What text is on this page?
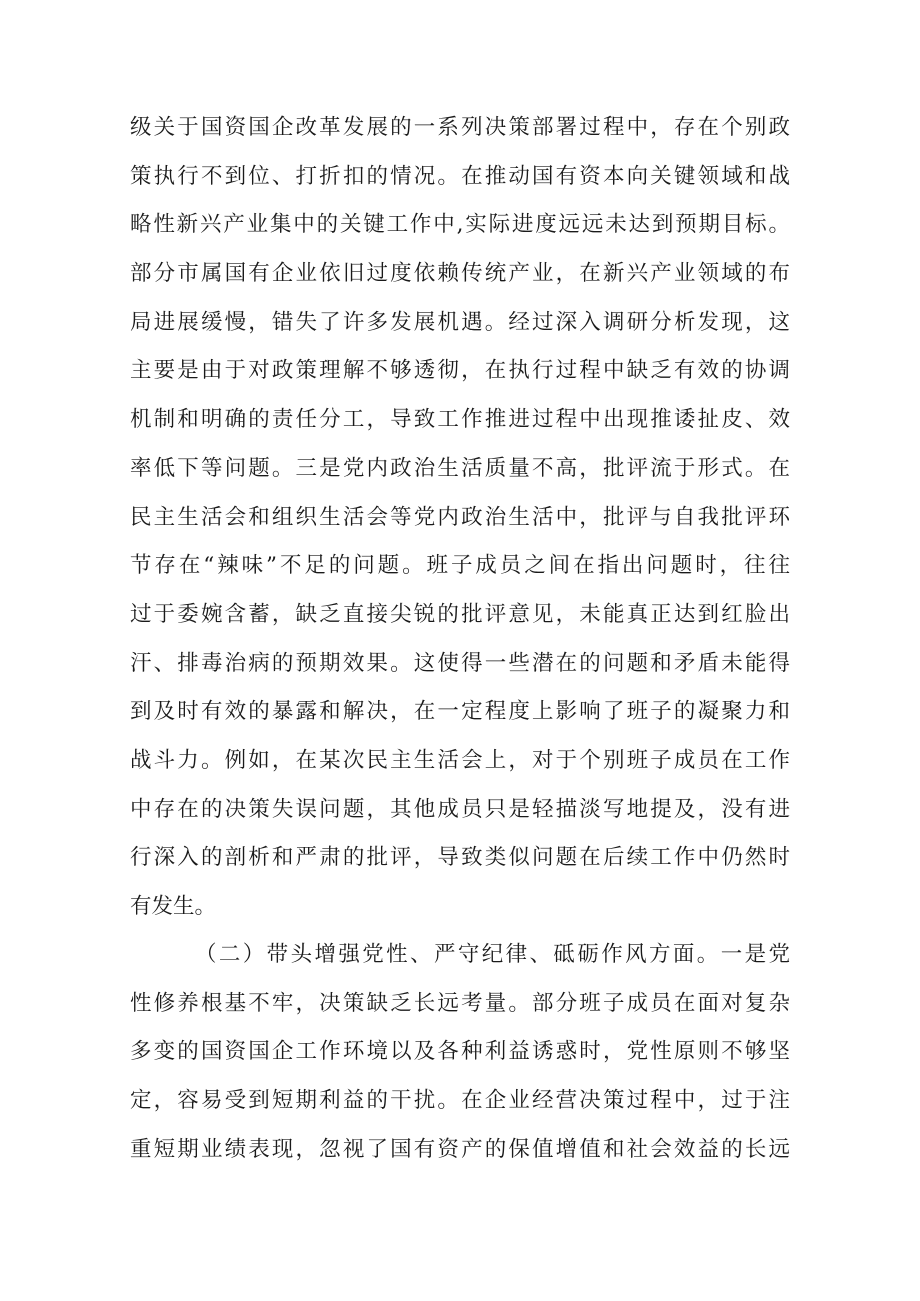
级关于国资国企改革发展的一系列决策部署过程中，存在个别政
策执行不到位、打折扣的情况。在推动国有资本向关键领域和战
略性新兴产业集中的关键工作中,实际进度远远未达到预期目标。
部分市属国有企业依旧过度依赖传统产业，在新兴产业领域的布
局进展缓慢，错失了许多发展机遇。经过深入调研分析发现，这
主要是由于对政策理解不够透彻，在执行过程中缺乏有效的协调
机制和明确的责任分工，导致工作推进过程中出现推诿扯皮、效
率低下等问题。三是党内政治生活质量不高，批评流于形式。在
民主生活会和组织生活会等党内政治生活中，批评与自我批评环
节存在“辣味”不足的问题。班子成员之间在指出问题时，往往
过于委婉含蓄，缺乏直接尖锐的批评意见，未能真正达到红脸出
汗、排毒治病的预期效果。这使得一些潜在的问题和矛盾未能得
到及时有效的暴露和解决，在一定程度上影响了班子的凝聚力和
战斗力。例如，在某次民主生活会上，对于个别班子成员在工作
中存在的决策失误问题，其他成员只是轻描淡写地提及，没有进
行深入的剖析和严肃的批评，导致类似问题在后续工作中仍然时
有发生。
（二）带头增强党性、严守纪律、砥砺作风方面。一是党
性修养根基不牢，决策缺乏长远考量。部分班子成员在面对复杂
多变的国资国企工作环境以及各种利益诱惑时，党性原则不够坚
定，容易受到短期利益的干扰。在企业经营决策过程中，过于注
重短期业绩表现，忽视了国有资产的保值增值和社会效益的长远
